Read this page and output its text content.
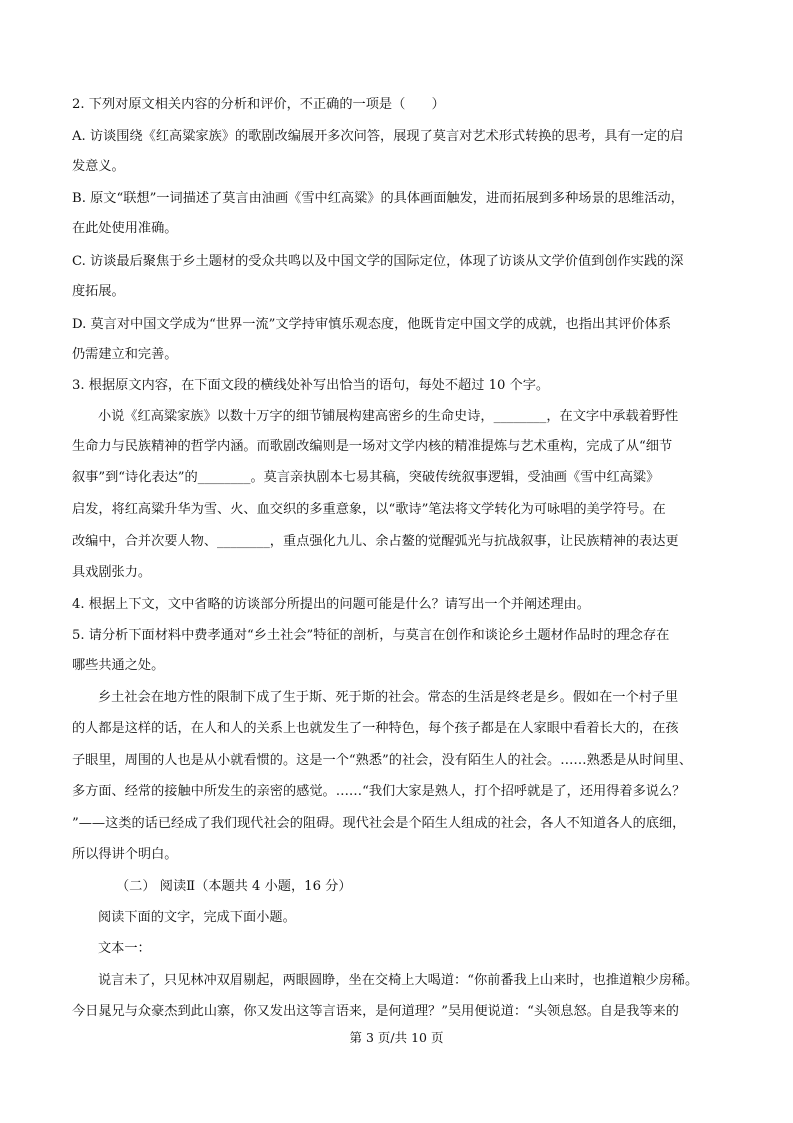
2. 下列对原文相关内容的分析和评价，不正确的一项是（　　）
A. 访谈围绕《红高粱家族》的歌剧改编展开多次问答，展现了莫言对艺术形式转换的思考，具有一定的启
发意义。
B. 原文“联想”一词描述了莫言由油画《雪中红高粱》的具体画面触发，进而拓展到多种场景的思维活动，
在此处使用准确。
C. 访谈最后聚焦于乡土题材的受众共鸣以及中国文学的国际定位，体现了访谈从文学价值到创作实践的深
度拓展。
D. 莫言对中国文学成为“世界一流”文学持审慎乐观态度，他既肯定中国文学的成就，也指出其评价体系
仍需建立和完善。
3. 根据原文内容，在下面文段的横线处补写出恰当的语句，每处不超过 10 个字。
小说《红高粱家族》以数十万字的细节铺展构建高密乡的生命史诗，________，在文字中承载着野性
生命力与民族精神的哲学内涵。而歌剧改编则是一场对文学内核的精准提炼与艺术重构，完成了从“细节
叙事”到“诗化表达”的________。莫言亲执剧本七易其稿，突破传统叙事逻辑，受油画《雪中红高粱》
启发，将红高粱升华为雪、火、血交织的多重意象，以“歌诗”笔法将文学转化为可咏唱的美学符号。在
改编中，合并次要人物、________，重点强化九儿、余占鳌的觉醒弧光与抗战叙事，让民族精神的表达更
具戏剧张力。
4. 根据上下文，文中省略的访谈部分所提出的问题可能是什么？请写出一个并阐述理由。
5. 请分析下面材料中费孝通对“乡土社会”特征的剖析，与莫言在创作和谈论乡土题材作品时的理念存在
哪些共通之处。
乡土社会在地方性的限制下成了生于斯、死于斯的社会。常态的生活是终老是乡。假如在一个村子里
的人都是这样的话，在人和人的关系上也就发生了一种特色，每个孩子都是在人家眼中看着长大的，在孩
子眼里，周围的人也是从小就看惯的。这是一个“熟悉”的社会，没有陌生人的社会。……熟悉是从时间里、
多方面、经常的接触中所发生的亲密的感觉。……“我们大家是熟人，打个招呼就是了，还用得着多说么？
”——这类的话已经成了我们现代社会的阻碍。现代社会是个陌生人组成的社会，各人不知道各人的底细，
所以得讲个明白。
（二） 阅读Ⅱ（本题共 4 小题，16 分）
阅读下面的文字，完成下面小题。
文本一：
说言未了，只见林冲双眉剔起，两眼圆睁，坐在交椅上大喝道：“你前番我上山来时，也推道粮少房稀。
今日晁兄与众豪杰到此山寨，你又发出这等言语来，是何道理？”吴用便说道：“头领息怒。自是我等来的
第 3 页/共 10 页
